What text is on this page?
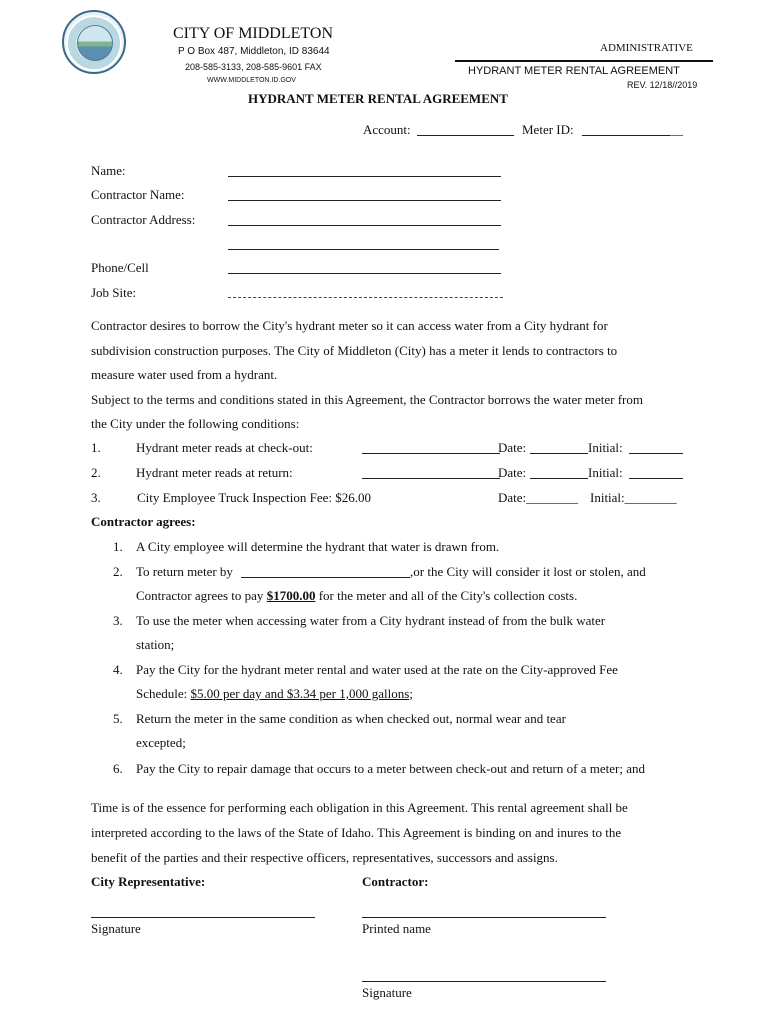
CITY OF MIDDLETON
P O Box 487, Middleton, ID 83644
208-585-3133, 208-585-9601 FAX
WWW.MIDDLETON.ID.GOV
ADMINISTRATIVE
HYDRANT METER RENTAL AGREEMENT
REV. 12/18//2019
HYDRANT METER RENTAL AGREEMENT
Account:	Meter ID:	__
Name:
Contractor Name:
Contractor Address:
Phone/Cell
Job Site:
Contractor desires to borrow the City's hydrant meter so it can access water from a City hydrant for
subdivision construction purposes. The City of Middleton (City) has a meter it lends to contractors to
measure water used from a hydrant.
Subject to the terms and conditions stated in this Agreement, the Contractor borrows the water meter from
the City under the following conditions:
1.	Hydrant meter reads at check-out:	Date:	Initial:
2.	Hydrant meter reads at return:	Date:	Initial:
3.	City Employee Truck Inspection Fee: $26.00	Date:________ Initial:________
Contractor agrees:
1. A City employee will determine the hydrant that water is drawn from.
2. To return meter by	,or the City will consider it lost or stolen, and
Contractor agrees to pay $1700.00 for the meter and all of the City's collection costs.
3. To use the meter when accessing water from a City hydrant instead of from the bulk water
station;
4. Pay the City for the hydrant meter rental and water used at the rate on the City-approved Fee
Schedule: $5.00 per day and $3.34 per 1,000 gallons;
5. Return the meter in the same condition as when checked out, normal wear and tear
excepted;
6. Pay the City to repair damage that occurs to a meter between check-out and return of a meter; and
Time is of the essence for performing each obligation in this Agreement. This rental agreement shall be
interpreted according to the laws of the State of Idaho. This Agreement is binding on and inures to the
benefit of the parties and their respective officers, representatives, successors and assigns.
City Representative:	Contractor:
Signature	Printed name
Signature
